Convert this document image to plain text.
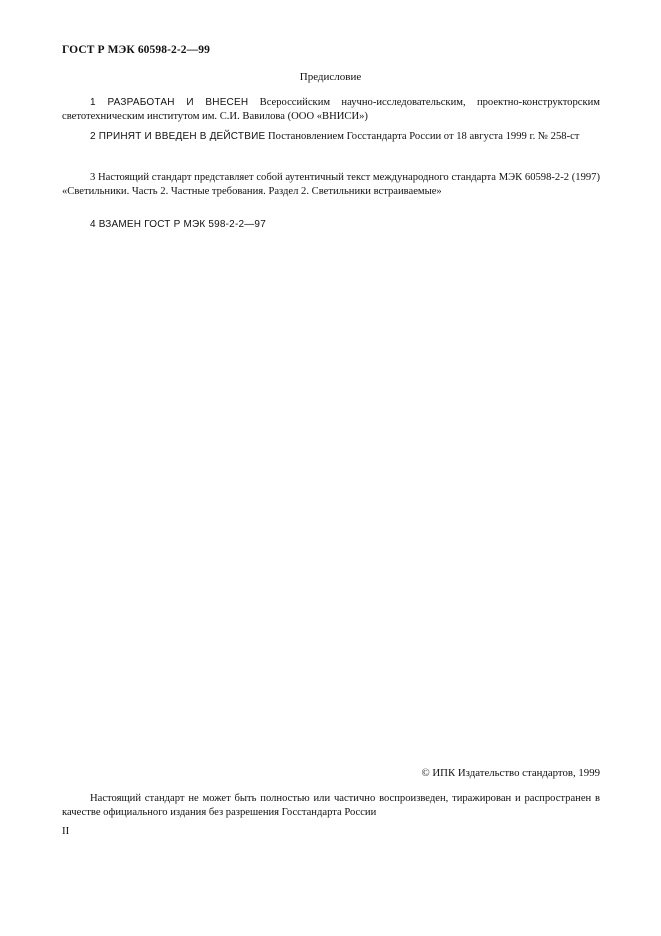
ГОСТ Р МЭК 60598-2-2—99
Предисловие
1 РАЗРАБОТАН И ВНЕСЕН Всероссийским научно-исследовательским, проектно-конструкторским светотехническим институтом им. С.И. Вавилова (ООО «ВНИСИ»)
2 ПРИНЯТ И ВВЕДЕН В ДЕЙСТВИЕ Постановлением Госстандарта России от 18 августа 1999 г. № 258-ст
3 Настоящий стандарт представляет собой аутентичный текст международного стандарта МЭК 60598-2-2 (1997) «Светильники. Часть 2. Частные требования. Раздел 2. Светильники встраиваемые»
4 ВЗАМЕН ГОСТ Р МЭК 598-2-2—97
© ИПК Издательство стандартов, 1999
Настоящий стандарт не может быть полностью или частично воспроизведен, тиражирован и распространен в качестве официального издания без разрешения Госстандарта России
II
